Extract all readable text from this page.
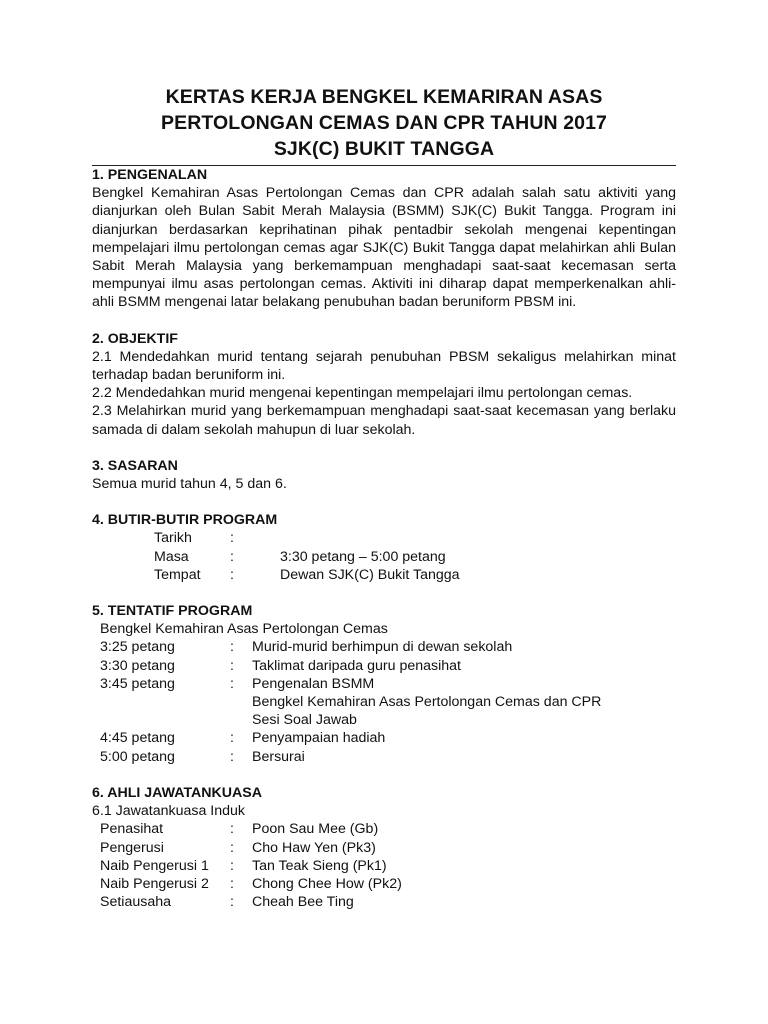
KERTAS KERJA BENGKEL KEMARIRAN ASAS
PERTOLONGAN CEMAS DAN CPR TAHUN 2017
SJK(C) BUKIT TANGGA

1. PENGENALAN

Bengkel Kemahiran Asas Pertolongan Cemas dan CPR adalah salah satu aktiviti yang dianjurkan oleh Bulan Sabit Merah Malaysia (BSMM) SJK(C) Bukit Tangga. Program ini dianjurkan berdasarkan keprihatinan pihak pentadbir sekolah mengenai kepentingan mempelajari ilmu pertolongan cemas agar SJK(C) Bukit Tangga dapat melahirkan ahli Bulan Sabit Merah Malaysia yang berkemampuan menghadapi saat-saat kecemasan serta mempunyai ilmu asas pertolongan cemas. Aktiviti ini diharap dapat memperkenalkan ahli-ahli BSMM mengenai latar belakang penubuhan badan beruniform PBSM ini.

2. OBJEKTIF

2.1 Mendedahkan murid tentang sejarah penubuhan PBSM sekaligus melahirkan minat terhadap badan beruniform ini.

2.2 Mendedahkan murid mengenai kepentingan mempelajari ilmu pertolongan cemas.

2.3 Melahirkan murid yang berkemampuan menghadapi saat-saat kecemasan yang berlaku samada di dalam sekolah mahupun di luar sekolah.

3. SASARAN

Semua murid tahun 4, 5 dan 6.

4. BUTIR-BUTIR PROGRAM

Tarikh	:
Masa	:	3:30 petang – 5:00 petang
Tempat	:	Dewan SJK(C) Bukit Tangga

5. TENTATIF PROGRAM

Bengkel Kemahiran Asas Pertolongan Cemas

3:25 petang	:	Murid-murid berhimpun di dewan sekolah
3:30 petang	:	Taklimat daripada guru penasihat
3:45 petang	:	Pengenalan BSMM

Bengkel Kemahiran Asas Pertolongan Cemas dan CPR

Sesi Soal Jawab

4:45 petang	:	Penyampaian hadiah
5:00 petang	:	Bersurai

6. AHLI JAWATANKUASA

6.1 Jawatankuasa Induk

Penasihat	:	Poon Sau Mee (Gb)
Pengerusi	:	Cho Haw Yen (Pk3)
Naib Pengerusi 1	:	Tan Teak Sieng (Pk1)
Naib Pengerusi 2	:	Chong Chee How (Pk2)
Setiausaha	:	Cheah Bee Ting
